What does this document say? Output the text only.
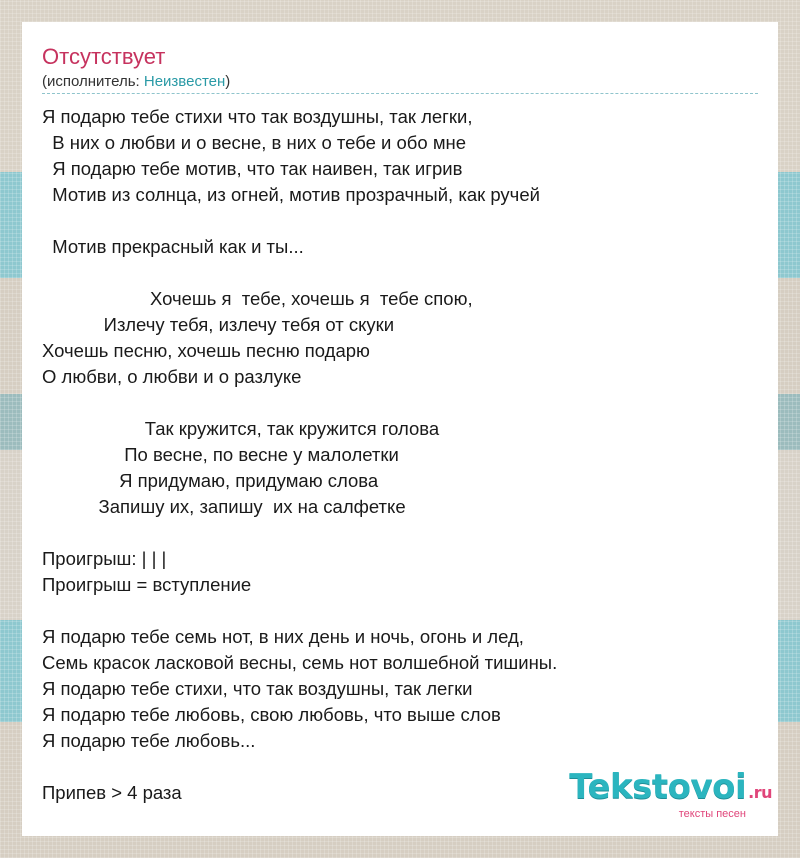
Отсутствует
(исполнитель: Неизвестен)
Я подарю тебе стихи что так воздушны, так легки,
В них о любви и о весне, в них о тебе и обо мне
Я подарю тебе мотив, что так наивен, так игрив
Мотив из солнца, из огней, мотив прозрачный, как ручей

Мотив прекрасный как и ты...

Хочешь я  тебе, хочешь я  тебе спою,
Излечу тебя, излечу тебя от скуки
Хочешь песню, хочешь песню подарю
О любви, о любви и о разлуке

Так кружится, так кружится голова
По весне, по весне у малолетки
Я придумаю, придумаю слова
Запишу их, запишу  их на салфетке

Проигрыш: | | |
Проигрыш = вступление

Я подарю тебе семь нот, в них день и ночь, огонь и лед,
Семь красок ласковой весны, семь нот волшебной тишины.
Я подарю тебе стихи, что так воздушны, так легки
Я подарю тебе любовь, свою любовь, что выше слов
Я подарю тебе любовь...

Припев > 4 раза	Tekstovoi .ru
тексты песен
